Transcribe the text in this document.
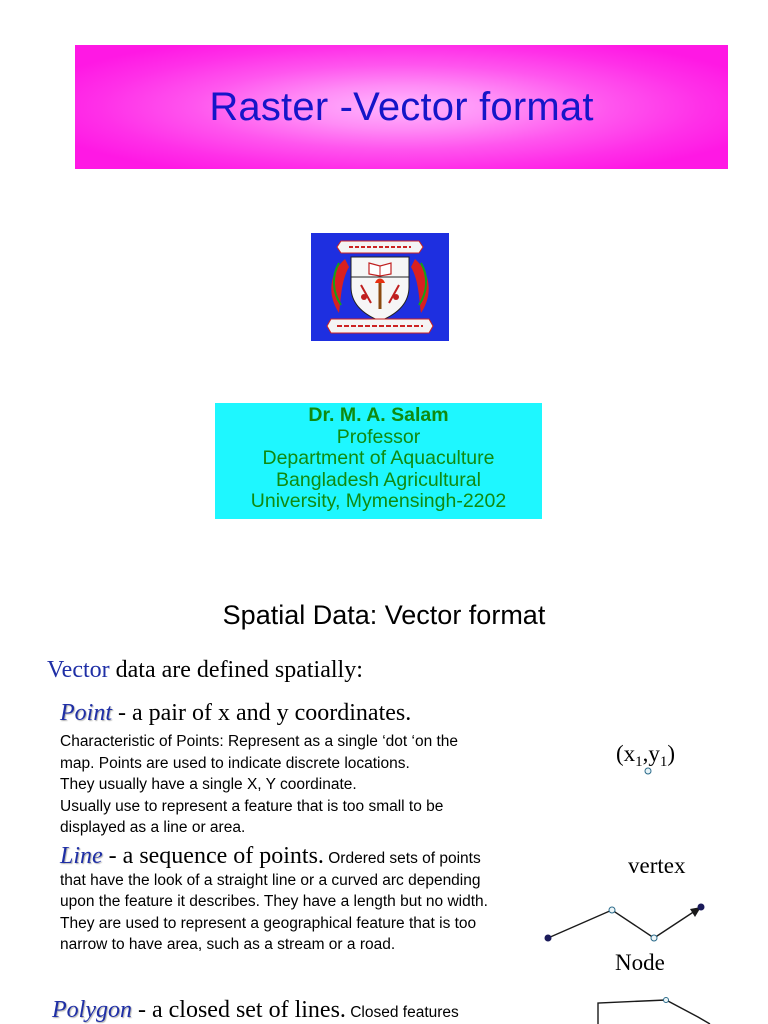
Raster -Vector format
Dr. M. A. Salam
Professor
Department of Aquaculture
Bangladesh Agricultural
University, Mymensingh-2202
Spatial Data: Vector format
Vector data are defined spatially:
Point - a pair of x and y coordinates.
Characteristic of Points: Represent as a single ‘dot ‘on the
map. Points are used to indicate discrete locations.
They usually have a single X, Y coordinate.
Usually use to represent a feature that is too small to be
displayed as a line or area.
$(x_1,y_1)$
Line - a sequence of points. Ordered sets of points that have the look of a straight line or a curved arc depending upon the feature it describes. They have a length but no width. They are used to represent a geographical feature that is too narrow to have area, such as a stream or a road.
vertex
Node
Polygon - a closed set of lines. Closed features
